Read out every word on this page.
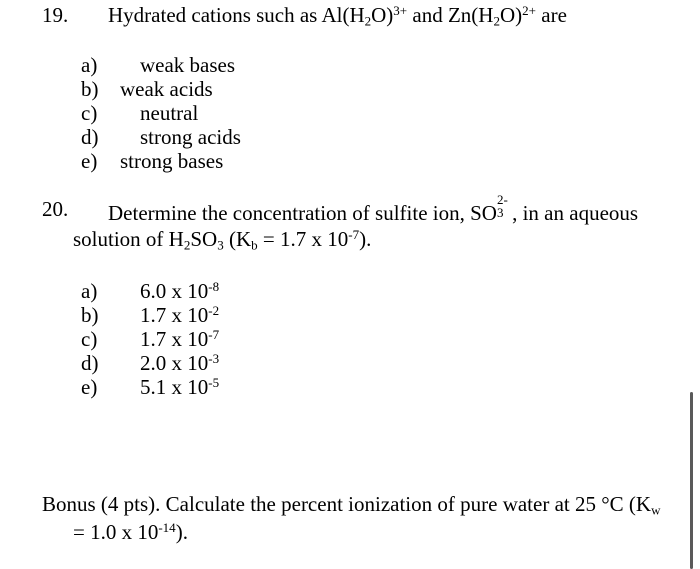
19. Hydrated cations such as $Al(H_2O)^{3+}$ and $Zn(H_2O)^{2+}$ are
a) weak bases
b) weak acids
c) neutral
d) strong acids
e) strong bases
20. Determine the concentration of sulfite ion, SO
2-
3 , in an aqueous
solution of $H_2SO_3$ ($K_b = 1.7$ x $10^{-7}$).
a) 6.0 x $10^{-8}$
b) 1.7 x $10^{-2}$
c) 1.7 x $10^{-7}$
d) 2.0 x $10^{-3}$
e) 5.1 x $10^{-5}$
Bonus (4 pts). Calculate the percent ionization of pure water at 25 °C ($K_w$
= 1.0 x $10^{-14}$).
